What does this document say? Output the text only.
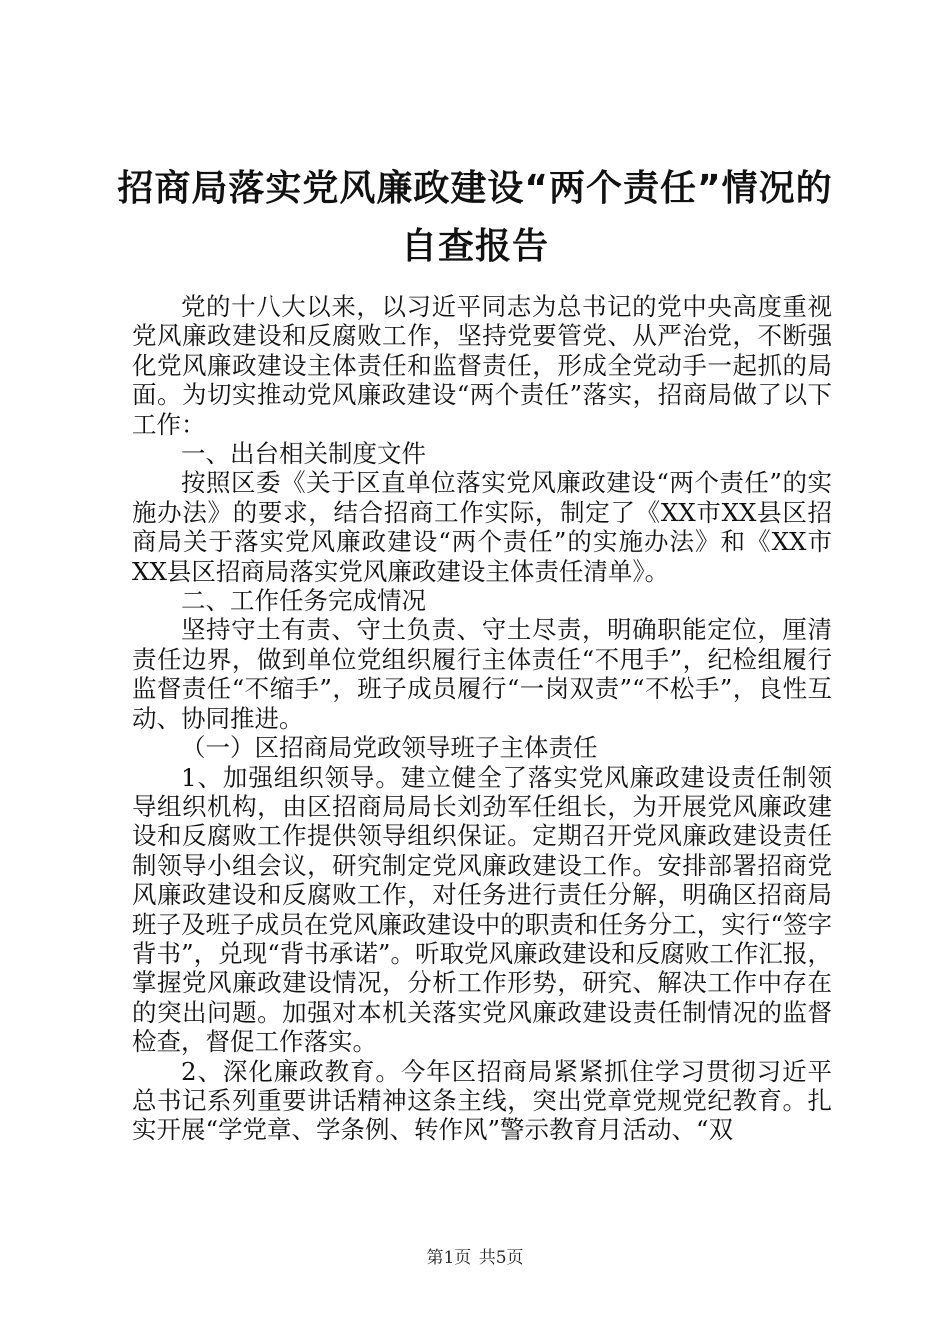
招商局落实党风廉政建设“两个责任”情况的
自查报告

党的十八大以来，以习近平同志为总书记的党中央高度重视党风廉政建设和反腐败工作，坚持党要管党、从严治党，不断强化党风廉政建设主体责任和监督责任，形成全党动手一起抓的局面。为切实推动党风廉政建设“两个责任”落实，招商局做了以下工作：

一、出台相关制度文件

按照区委《关于区直单位落实党风廉政建设“两个责任”的实施办法》的要求，结合招商工作实际，制定了《XX市XX县区招商局关于落实党风廉政建设“两个责任”的实施办法》和《XX市XX县区招商局落实党风廉政建设主体责任清单》。

二、工作任务完成情况

坚持守土有责、守土负责、守土尽责，明确职能定位，厘清责任边界，做到单位党组织履行主体责任“不甩手”，纪检组履行监督责任“不缩手”，班子成员履行“一岗双责”“不松手”，良性互动、协同推进。

（一）区招商局党政领导班子主体责任

1、加强组织领导。建立健全了落实党风廉政建设责任制领导组织机构，由区招商局局长刘劲军任组长，为开展党风廉政建设和反腐败工作提供领导组织保证。定期召开党风廉政建设责任制领导小组会议，研究制定党风廉政建设工作。安排部署招商党风廉政建设和反腐败工作，对任务进行责任分解，明确区招商局班子及班子成员在党风廉政建设中的职责和任务分工，实行“签字背书”，兑现“背书承诺”。听取党风廉政建设和反腐败工作汇报，掌握党风廉政建设情况，分析工作形势，研究、解决工作中存在的突出问题。加强对本机关落实党风廉政建设责任制情况的监督检查，督促工作落实。

2、深化廉政教育。今年区招商局紧紧抓住学习贯彻习近平总书记系列重要讲话精神这条主线，突出党章党规党纪教育。扎实开展“学党章、学条例、转作风”警示教育月活动、“双

第1页 共5页
